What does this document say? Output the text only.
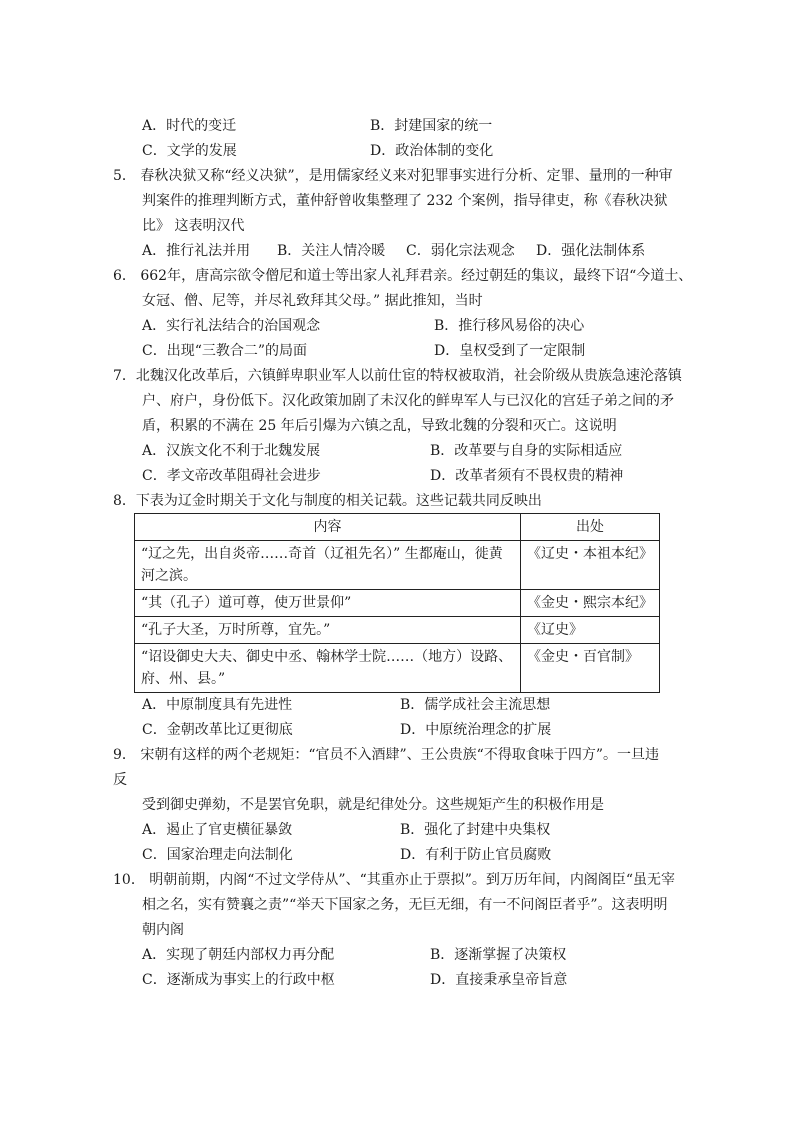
A．时代的变迁	B．封建国家的统一
C．文学的发展	D．政治体制的变化
5． 春秋决狱又称“经义决狱”，是用儒家经义来对犯罪事实进行分析、定罪、量刑的一种审
判案件的推理判断方式，董仲舒曾收集整理了 232 个案例，指导律吏，称《春秋决狱
比》 这表明汉代
A．推行礼法并用 B．关注人情冷暖 C．弱化宗法观念 D．强化法制体系
6． 662年，唐高宗欲令僧尼和道士等出家人礼拜君亲。经过朝廷的集议，最终下诏“今道士、
女冠、僧、尼等，并尽礼致拜其父母。” 据此推知，当时
A．实行礼法结合的治国观念	B．推行移风易俗的决心
C．出现“三教合二”的局面	D．皇权受到了一定限制
7．北魏汉化改革后，六镇鲜卑职业军人以前仕宦的特权被取消，社会阶级从贵族急速沦落镇
户、府户，身份低下。汉化政策加剧了未汉化的鲜卑军人与已汉化的宫廷子弟之间的矛
盾，积累的不满在 25 年后引爆为六镇之乱，导致北魏的分裂和灭亡。这说明
A．汉族文化不利于北魏发展	B．改革要与自身的实际相适应
C．孝文帝改革阻碍社会进步	D．改革者须有不畏权贵的精神
8．下表为辽金时期关于文化与制度的相关记载。这些记载共同反映出
内容	出处
“辽之先，出自炎帝……奇首（辽祖先名）” 生都庵山，徙黄河之滨。	《辽史・本祖本纪》
“其（孔子）道可尊，使万世景仰”	《金史・熙宗本纪》
“孔子大圣，万时所尊，宜先。”	《辽史》
“诏设御史大夫、御史中丞、翰林学士院……（地方）设路、府、州、县。”	《金史・百官制》
A．中原制度具有先进性	B．儒学成社会主流思想
C．金朝改革比辽更彻底	D．中原统治理念的扩展
9． 宋朝有这样的两个老规矩：“官员不入酒肆”、王公贵族“不得取食味于四方”。一旦违
反
受到御史弹劾，不是罢官免职，就是纪律处分。这些规矩产生的积极作用是
A．遏止了官吏横征暴敛	B．强化了封建中央集权
C．国家治理走向法制化	D．有利于防止官员腐败
10． 明朝前期，内阁“不过文学侍从”、“其重亦止于票拟”。到万历年间，内阁阁臣“虽无宰
相之名，实有赞襄之责”“举天下国家之务，无巨无细，有一不问阁臣者乎”。这表明明
朝内阁
A．实现了朝廷内部权力再分配	B．逐渐掌握了决策权
C．逐渐成为事实上的行政中枢	D．直接秉承皇帝旨意
